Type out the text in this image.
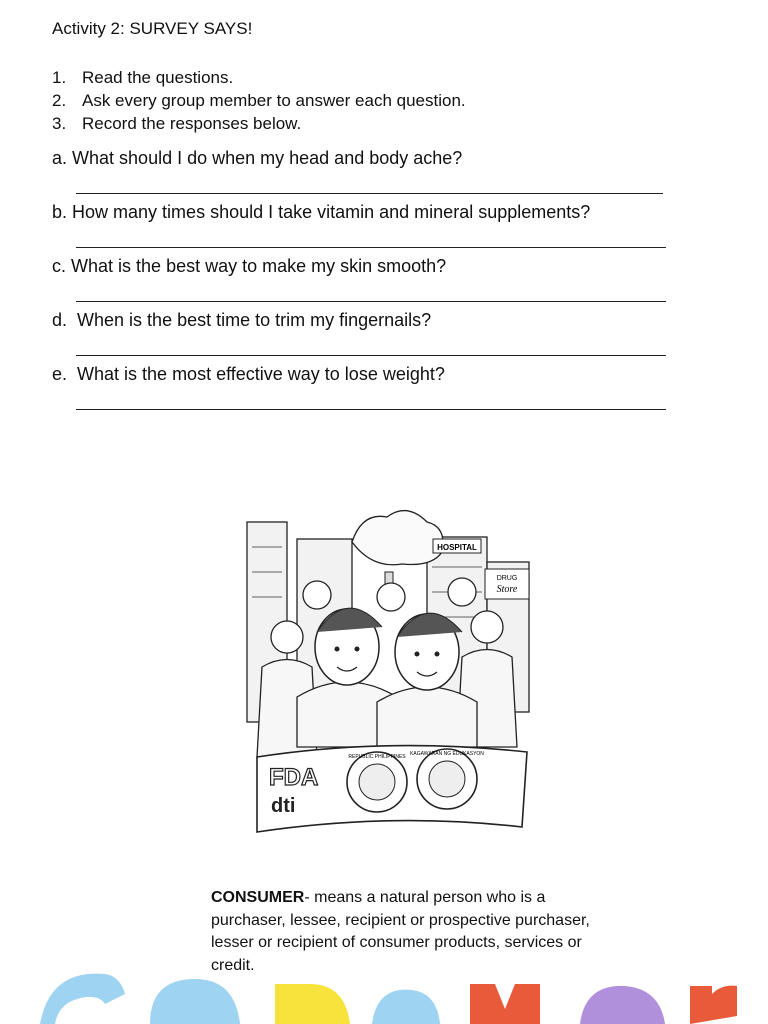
Activity 2: SURVEY SAYS!
1. Read the questions.
2. Ask every group member to answer each question.
3. Record the responses below.
a. What should I do when my head and body ache?
b. How many times should I take vitamin and mineral supplements?
c. What is the best way to make my skin smooth?
d. When is the best time to trim my fingernails?
e. What is the most effective way to lose weight?
HOSPITAL
DRUG
Store
FDA
dti
REPUBLIC PHILIPPINES KAGAWARAN NG EDUKASYON
CONSUMER- means a natural person who is a purchaser, lessee, recipient or prospective purchaser, lesser or recipient of consumer products, services or credit.
